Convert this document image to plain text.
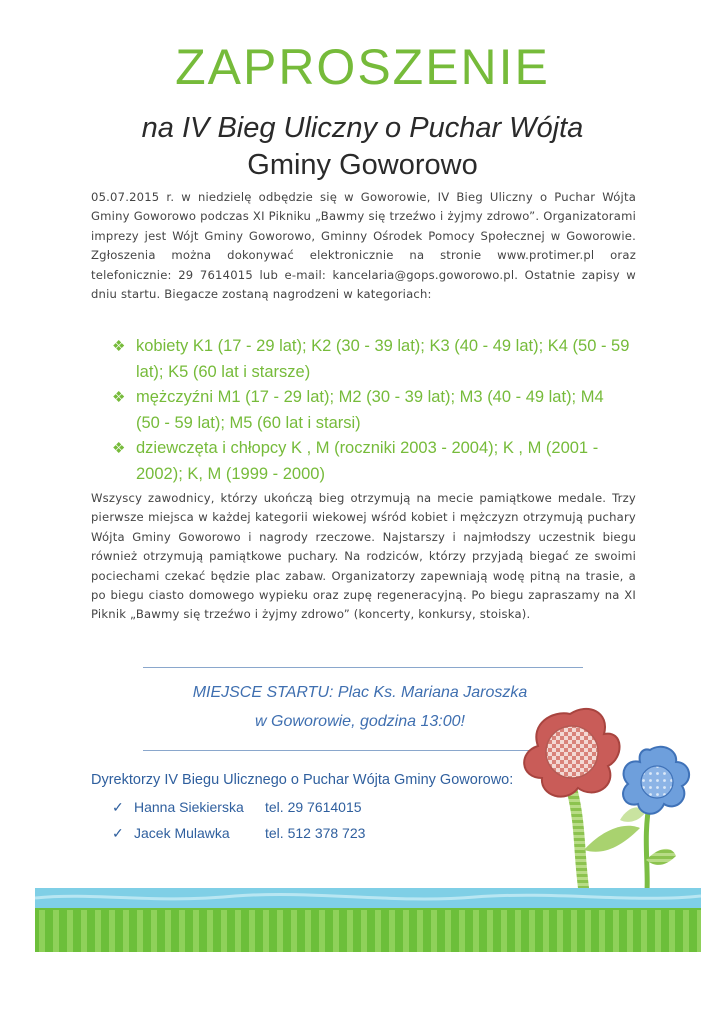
ZAPROSZENIE
na IV Bieg Uliczny o Puchar Wójta
Gminy Goworowo

05.07.2015 r. w niedzielę odbędzie się w Goworowie, IV Bieg Uliczny o Puchar Wójta Gminy Goworowo podczas XI Pikniku „Bawmy się trzeźwo i żyjmy zdrowo”. Organizatorami imprezy jest Wójt Gminy Goworowo, Gminny Ośrodek Pomocy Społecznej w Goworowie. Zgłoszenia można dokonywać elektronicznie na stronie www.protimer.pl oraz telefonicznie: 29 7614015 lub e-mail: kancelaria@gops.goworowo.pl. Ostatnie zapisy w dniu startu. Biegacze zostaną nagrodzeni w kategoriach:

❖ kobiety K1 (17 - 29 lat); K2 (30 - 39 lat); K3 (40 - 49 lat); K4 (50 - 59 lat); K5 (60 lat i starsze)
❖ mężczyźni M1 (17 - 29 lat); M2 (30 - 39 lat); M3 (40 - 49 lat); M4 (50 - 59 lat); M5 (60 lat i starsi)
❖ dziewczęta i chłopcy K , M (roczniki 2003 - 2004); K , M (2001 - 2002); K, M (1999 - 2000)

Wszyscy zawodnicy, którzy ukończą bieg otrzymują na mecie pamiątkowe medale. Trzy pierwsze miejsca w każdej kategorii wiekowej wśród kobiet i mężczyzn otrzymują puchary Wójta Gminy Goworowo i nagrody rzeczowe. Najstarszy i najmłodszy uczestnik biegu również otrzymują pamiątkowe puchary. Na rodziców, którzy przyjadą biegać ze swoimi pociechami czekać będzie plac zabaw. Organizatorzy zapewniają wodę pitną na trasie, a po biegu ciasto domowego wypieku oraz zupę regeneracyjną. Po biegu zapraszamy na XI Piknik „Bawmy się trzeźwo i żyjmy zdrowo” (koncerty, konkursy, stoiska).

MIEJSCE STARTU: Plac Ks. Mariana Jaroszka
w Goworowie, godzina 13:00!
Dyrektorzy IV Biegu Ulicznego o Puchar Wójta Gminy Goworowo:
✓ Hanna Siekierska tel. 29 7614015
✓ Jacek Mulawka	tel. 512 378 723
